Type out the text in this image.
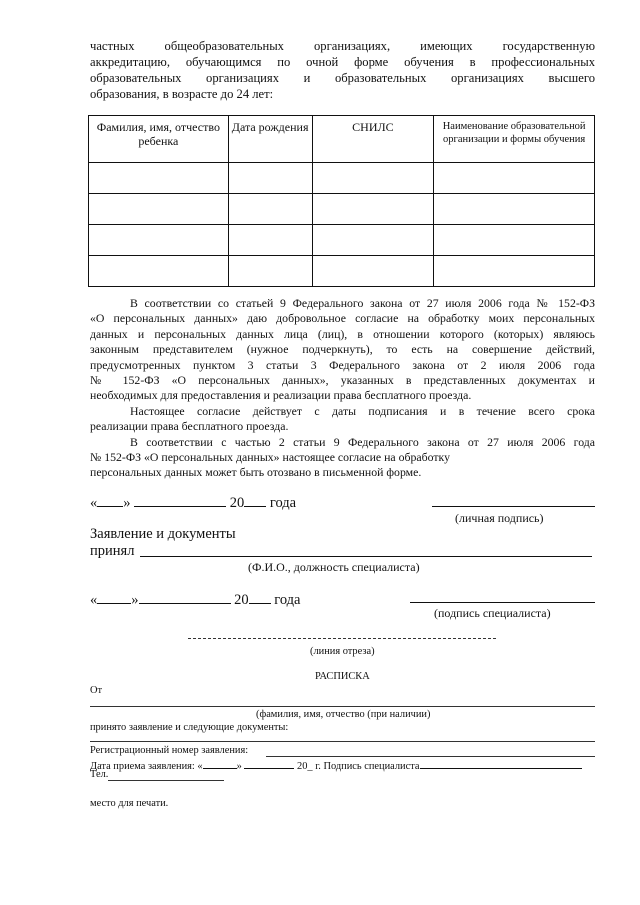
частных общеобразовательных организациях, имеющих государственную
аккредитацию, обучающимся по очной форме обучения в профессиональных
образовательных организациях и образовательных организациях высшего
образования, в возрасте до 24 лет:
Фамилия, имя, отчество ребенка	Дата рождения	СНИЛС	Наименование образовательной организации и формы обучения

В соответствии со статьей 9 Федерального закона от 27 июля 2006 года № 152-ФЗ
«О персональных данных» даю добровольное согласие на обработку моих персональных
данных и персональных данных лица (лиц), в отношении которого (которых) являюсь
законным представителем (нужное подчеркнуть), то есть на совершение действий,
предусмотренных пунктом 3 статьи 3 Федерального закона от 2 июля 2006 года
№ 152-ФЗ «О персональных данных», указанных в представленных документах и
необходимых для предоставления и реализации права бесплатного проезда.
Настоящее согласие действует с даты подписания и в течение всего срока
реализации права бесплатного проезда.
В соответствии с частью 2 статьи 9 Федерального закона от 27 июля 2006 года
№ 152-ФЗ «О персональных данных» настоящее согласие на обработку
персональных данных может быть отозвано в письменной форме.
« »	20 года
(личная подпись)
Заявление и документы
принял
(Ф.И.О., должность специалиста)
« »	20 года
(подпись специалиста)
(линия отреза)
РАСПИСКА
От
(фамилия, имя, отчество (при наличии)
принято заявление и следующие документы:
Регистрационный номер заявления:
Дата приема заявления: «	»	20_ г. Подпись специалиста
Тел.
место для печати.
